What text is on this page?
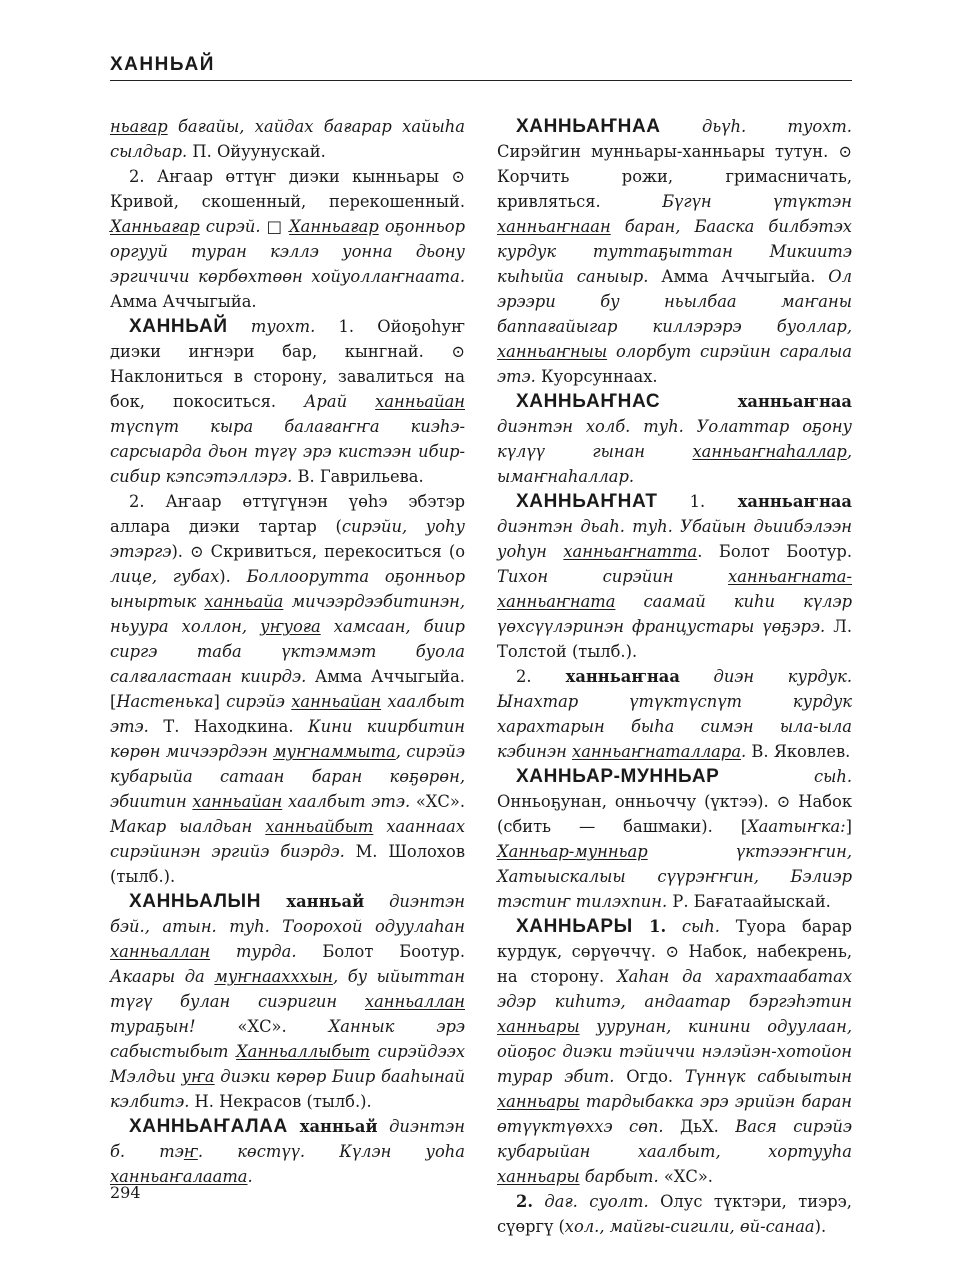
ХАННЬАЙ

ньағар бағайы, хайдах бағарар хайыһа сылдьар. П. Ойуунускай.

2. Аҥаар өттүҥ диэки кынньары ⊙ Кривой, скошенный, перекошенный. Ханньағар сирэй. □ Ханньағар оҕонньор оргууй туран кэллэ уонна дьону эргичичи көрбөхтөөн хойуоллаҥнаата. Амма Аччыгыйа.

ХАННЬАЙ туохт. 1. Ойоҕоһуҥ диэки иҥнэри бар, кынгнай. ⊙ Наклониться в сторону, завалиться на бок, покоситься. Арай ханньайан түспүт кыра балағаҥҥа киэһэ-сарсыарда дьон түгү эрэ кистээн ибир-сибир кэпсэтэллэрэ. В. Гаврильева.

2. Аҥаар өттүгүнэн үөһэ эбэтэр аллара диэки тартар (сирэйи, уоһу этэргэ). ⊙ Скривиться, перекоситься (о лице, губах). Боллоорутта оҕонньор ыныртык ханньайа мичээрдээбитинэн, ньуура холлон, уҥуоға хамсаан, биир сиргэ таба үктэммэт буола салғаластаан киирдэ. Амма Аччыгыйа. [Настенька] сирэйэ ханньайан хаалбыт этэ. Т. Находкина. Кини киирбитин көрөн мичээрдээн муҥнаммыта, сирэйэ кубарыйа сатаан баран көҕөрөн, эбиитин ханньайан хаалбыт этэ. «ХС». Макар ыалдьан ханньайбыт хааннаах сирэйинэн эргийэ биэрдэ. М. Шолохов (тылб.).

ХАННЬАЛЫН ханньай диэнтэн бэй., атын. туһ. Тоорохой одуулаһан ханньаллан турда. Болот Боотур. Акаары да муҥнаахххын, бу ыйыттан түгү булан сиэригин ханньаллан тураҕын! «ХС». Ханнык эрэ сабыстыбыт Ханньаллыбыт сирэйдээх Мэлдьи уҥа диэки көрөр Биир бааһынай кэлбитэ. Н. Некрасов (тылб.).

ХАННЬАҤАЛАА ханньай диэнтэн б. тэҥ. көстүү. Күлэн уоһа ханньаҥалаата.

ХАННЬАҤНАА дьүһ. туохт. Сирэйгин мунньары-ханньары тутун. ⊙ Корчить рожи, гримасничать, кривляться. Бүгүн үтүктэн ханньаҥнаан баран, Бааска билбэтэх курдук туттаҕыттан Микиитэ кыһыйа саныыр. Амма Аччыгыйа. Ол эрээри бу ньылбаа маҥаны баппағайыгар киллэрэрэ буоллар, ханньаҥныы олорбут сирэйин саралыа этэ. Куорсуннаах.

ХАННЬАҤНАС ханньаҥнаа диэнтэн холб. туһ. Уолаттар оҕону күлүү гынан ханньаҥнаһаллар, ымаҥнаһаллар.

ХАННЬАҤНАТ 1. ханньаҥнаа диэнтэн дьаһ. туһ. Убайын дьиибэлээн уоһун ханньаҥнатта. Болот Боотур. Тихон сирэйин ханньаҥната-ханньаҥната саамай киһи күлэр үөхсүүлэринэн францустары үөҕэрэ. Л. Толстой (тылб.).

2. ханньаҥнаа диэн курдук. Ынахтар үтүктүспүт курдук харахтарын быһа симэн ыла-ыла кэбинэн ханньаҥнаталлара. В. Яковлев.

ХАННЬАР-МУННЬАР сыһ. Онньоҕунан, онньоччу (үктээ). ⊙ Набок (сбить — башмаки). [Хаатыҥка:] Ханньар-мунньар үктэээҥҥин, Хатыыскалыы сүүрэҥҥин, Бэлиэр тэстиҥ тилэхпин. Р. Бағатаайыскай.

ХАННЬАРЫ 1. сыһ. Туора барар курдук, сөрүөччү. ⊙ Набок, набекрень, на сторону. Хаһан да харахтаабатах эдэр киһитэ, андаатар бэргэһэтин ханньары уурунан, кинини одуулаан, ойоҕос диэки тэйиччи нэлэйэн-хотойон турар эбит. Огдо. Түннүк сабыытын ханньары тардыбакка эрэ эрийэн баран өтүүктүөххэ сөп. ДьХ. Вася сирэйэ кубарыйан хаалбыт, хортууһа ханньары барбыт. «ХС».

2. дағ. суолт. Олус түктэри, тиэрэ, сүөргү (хол., майгы-сигили, өй-санаа).

294
